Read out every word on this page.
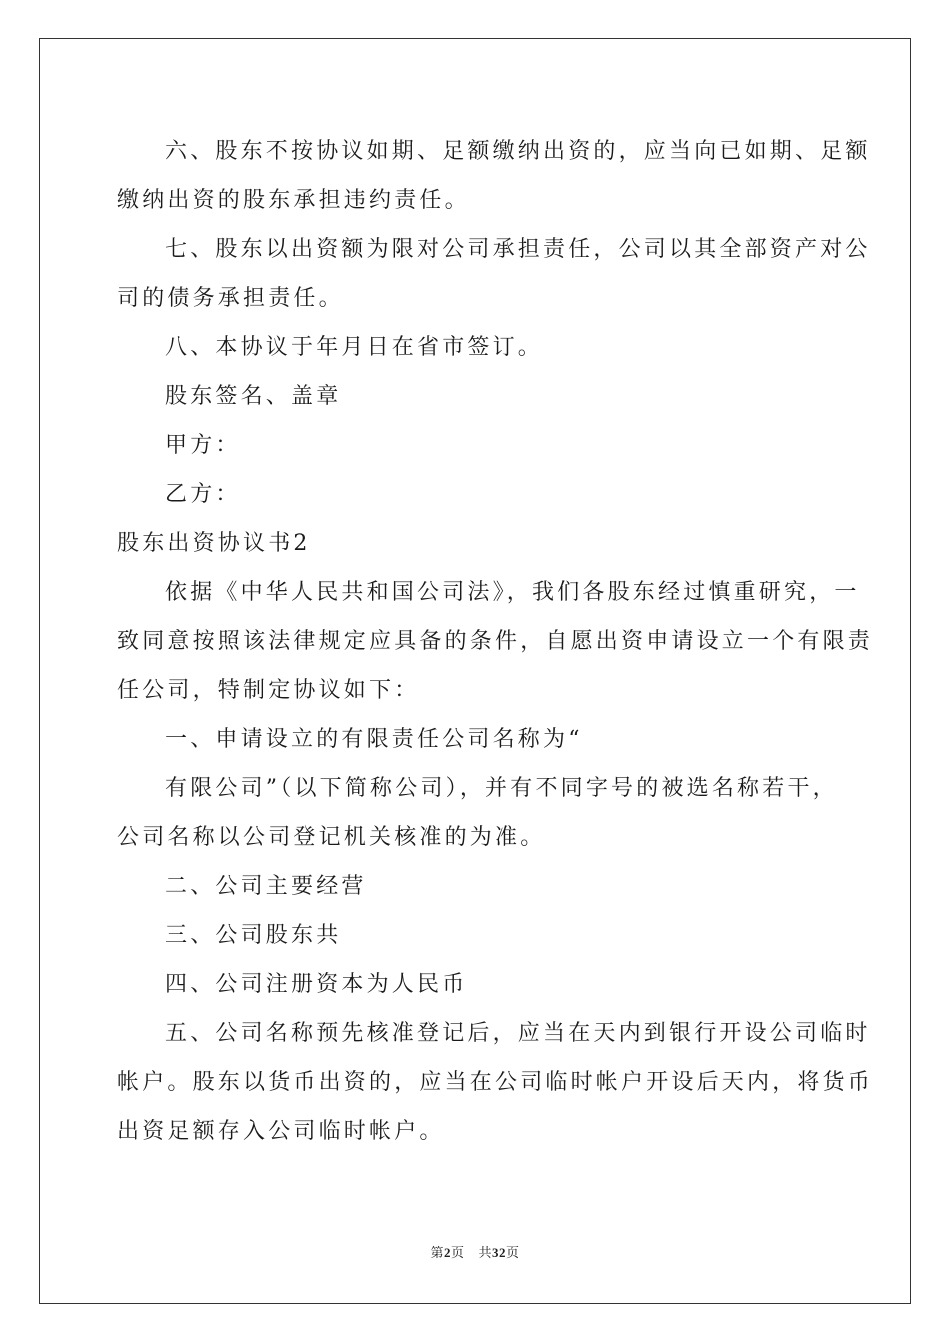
六、股东不按协议如期、足额缴纳出资的，应当向已如期、足额
缴纳出资的股东承担违约责任。
七、股东以出资额为限对公司承担责任，公司以其全部资产对公
司的债务承担责任。
八、本协议于年月日在省市签订。
股东签名、盖章
甲方：
乙方：
股东出资协议书2
依据《中华人民共和国公司法》，我们各股东经过慎重研究，一
致同意按照该法律规定应具备的条件，自愿出资申请设立一个有限责
任公司，特制定协议如下：
一、申请设立的有限责任公司名称为“
有限公司”（以下简称公司），并有不同字号的被选名称若干，
公司名称以公司登记机关核准的为准。
二、公司主要经营
三、公司股东共
四、公司注册资本为人民币
五、公司名称预先核准登记后，应当在天内到银行开设公司临时
帐户。股东以货币出资的，应当在公司临时帐户开设后天内，将货币
出资足额存入公司临时帐户。
第2页 共32页
